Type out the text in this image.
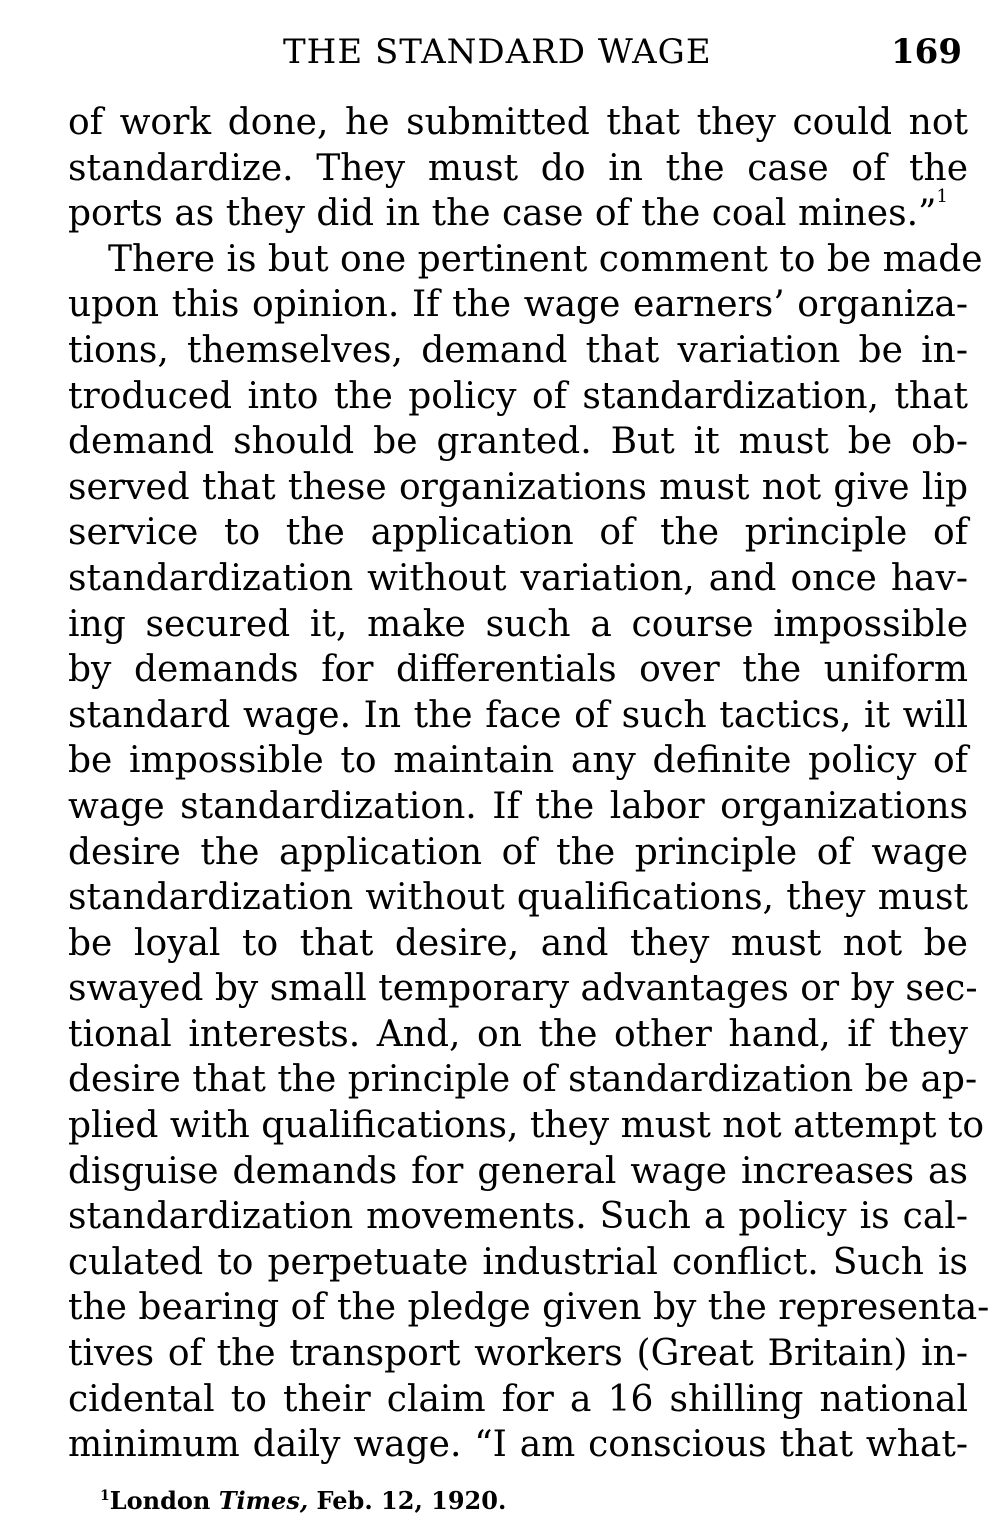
THE STANDARD WAGE	169
of work done, he submitted that they could not
standardize. They must do in the case of the
ports as they did in the case of the coal mines.”$^1$
There is but one pertinent comment to be made
upon this opinion. If the wage earners’ organiza-
tions, themselves, demand that variation be in-
troduced into the policy of standardization, that
demand should be granted. But it must be ob-
served that these organizations must not give lip
service to the application of the principle of
standardization without variation, and once hav-
ing secured it, make such a course impossible
by demands for differentials over the uniform
standard wage. In the face of such tactics, it will
be impossible to maintain any definite policy of
wage standardization. If the labor organizations
desire the application of the principle of wage
standardization without qualifications, they must
be loyal to that desire, and they must not be
swayed by small temporary advantages or by sec-
tional interests. And, on the other hand, if they
desire that the principle of standardization be ap-
plied with qualifications, they must not attempt to
disguise demands for general wage increases as
standardization movements. Such a policy is cal-
culated to perpetuate industrial conflict. Such is
the bearing of the pledge given by the representa-
tives of the transport workers (Great Britain) in-
cidental to their claim for a 16 shilling national
minimum daily wage. “I am conscious that what-
$^1$London Times, Feb. 12, 1920.
